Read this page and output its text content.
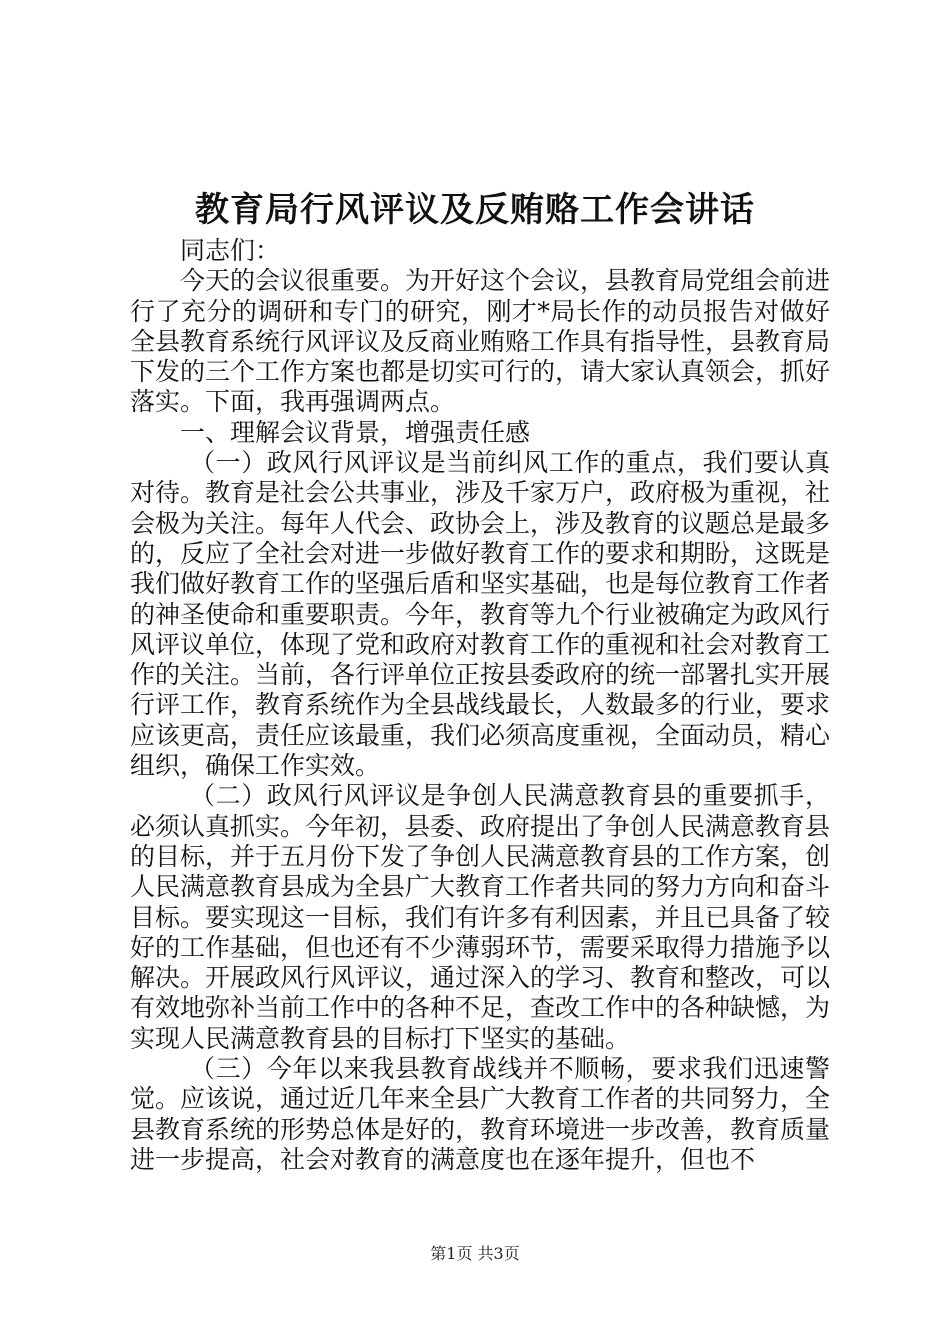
教育局行风评议及反贿赂工作会讲话

同志们：

今天的会议很重要。为开好这个会议，县教育局党组会前进行了充分的调研和专门的研究，刚才*局长作的动员报告对做好全县教育系统行风评议及反商业贿赂工作具有指导性，县教育局下发的三个工作方案也都是切实可行的，请大家认真领会，抓好落实。下面，我再强调两点。

一、理解会议背景，增强责任感

（一）政风行风评议是当前纠风工作的重点，我们要认真对待。教育是社会公共事业，涉及千家万户，政府极为重视，社会极为关注。每年人代会、政协会上，涉及教育的议题总是最多的，反应了全社会对进一步做好教育工作的要求和期盼，这既是我们做好教育工作的坚强后盾和坚实基础，也是每位教育工作者的神圣使命和重要职责。今年，教育等九个行业被确定为政风行风评议单位，体现了党和政府对教育工作的重视和社会对教育工作的关注。当前，各行评单位正按县委政府的统一部署扎实开展行评工作，教育系统作为全县战线最长，人数最多的行业，要求应该更高，责任应该最重，我们必须高度重视，全面动员，精心组织，确保工作实效。

（二）政风行风评议是争创人民满意教育县的重要抓手，必须认真抓实。今年初，县委、政府提出了争创人民满意教育县的目标，并于五月份下发了争创人民满意教育县的工作方案，创人民满意教育县成为全县广大教育工作者共同的努力方向和奋斗目标。要实现这一目标，我们有许多有利因素，并且已具备了较好的工作基础，但也还有不少薄弱环节，需要采取得力措施予以解决。开展政风行风评议，通过深入的学习、教育和整改，可以有效地弥补当前工作中的各种不足，查改工作中的各种缺憾，为实现人民满意教育县的目标打下坚实的基础。

（三）今年以来我县教育战线并不顺畅，要求我们迅速警觉。应该说，通过近几年来全县广大教育工作者的共同努力，全县教育系统的形势总体是好的，教育环境进一步改善，教育质量进一步提高，社会对教育的满意度也在逐年提升，但也不

第1页 共3页
